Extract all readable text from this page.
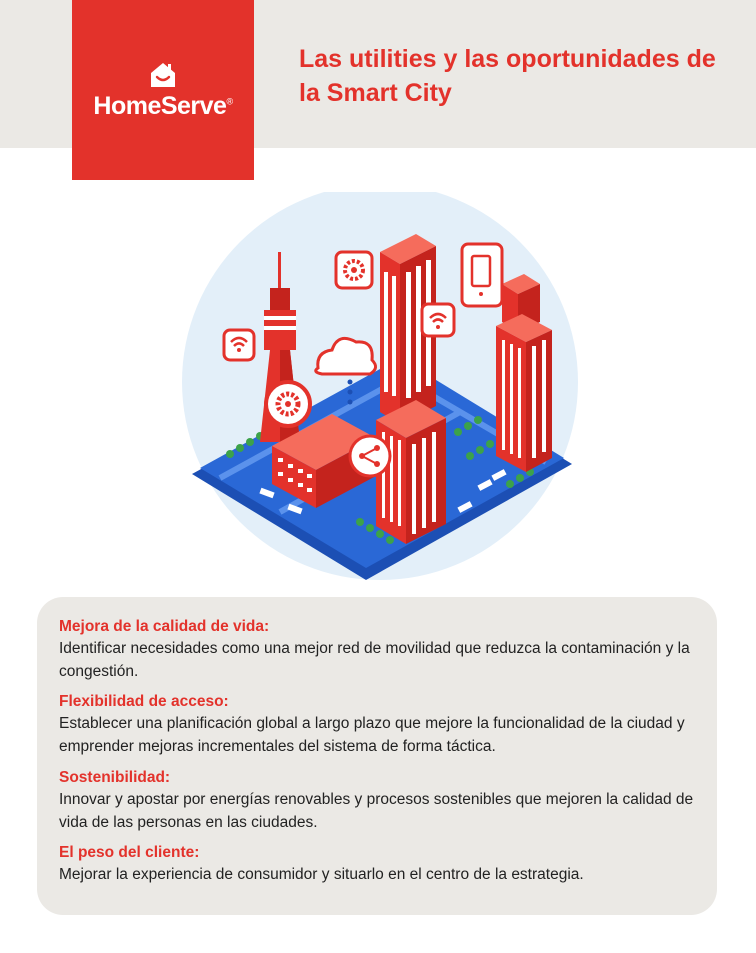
HomeServe®
Las utilities y las oportunidades de la Smart City

Mejora de la calidad de vida:

Identificar necesidades como una mejor red de movilidad que reduzca la contaminación y la congestión.

Flexibilidad de acceso:

Establecer una planificación global a largo plazo que mejore la funcionalidad de la ciudad y emprender mejoras incrementales del sistema de forma táctica.

Sostenibilidad:

Innovar y apostar por energías renovables y procesos sostenibles que mejoren la calidad de vida de las personas en las ciudades.

El peso del cliente:

Mejorar la experiencia de consumidor y situarlo en el centro de la estrategia.
